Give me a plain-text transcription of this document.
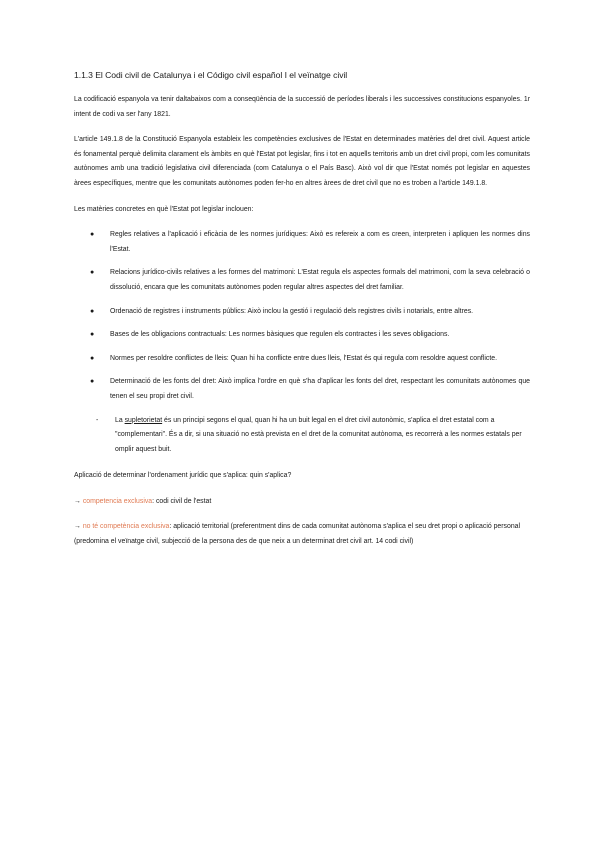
1.1.3 El Codi civil de Catalunya i el Código civil español I el veïnatge civil

La codificació espanyola va tenir daltabaixos com a conseqüència de la successió de períodes liberals i les successives constitucions espanyoles. 1r intent de codi va ser l'any 1821.

L'article 149.1.8 de la Constitució Espanyola estableix les competències exclusives de l'Estat en determinades matèries del dret civil. Aquest article és fonamental perquè delimita clarament els àmbits en què l'Estat pot legislar, fins i tot en aquells territoris amb un dret civil propi, com les comunitats autònomes amb una tradició legislativa civil diferenciada (com Catalunya o el País Basc). Això vol dir que l'Estat només pot legislar en aquestes àrees específiques, mentre que les comunitats autònomes poden fer-ho en altres àrees de dret civil que no es troben a l'article 149.1.8.

Les matèries concretes en què l'Estat pot legislar inclouen:

● Regles relatives a l'aplicació i eficàcia de les normes jurídiques: Això es refereix a com es creen, interpreten i apliquen les normes dins l'Estat.
● Relacions jurídico-civils relatives a les formes del matrimoni: L'Estat regula els aspectes formals del matrimoni, com la seva celebració o dissolució, encara que les comunitats autònomes poden regular altres aspectes del dret familiar.
● Ordenació de registres i instruments públics: Això inclou la gestió i regulació dels registres civils i notarials, entre altres.
● Bases de les obligacions contractuals: Les normes bàsiques que regulen els contractes i les seves obligacions.
● Normes per resoldre conflictes de lleis: Quan hi ha conflicte entre dues lleis, l'Estat és qui regula com resoldre aquest conflicte.
● Determinació de les fonts del dret: Això implica l'ordre en què s'ha d'aplicar les fonts del dret, respectant les comunitats autònomes que tenen el seu propi dret civil.
- La supletorietat és un principi segons el qual, quan hi ha un buit legal en el dret civil autonòmic, s'aplica el dret estatal com a "complementari". És a dir, si una situació no està prevista en el dret de la comunitat autònoma, es recorrerà a les normes estatals per omplir aquest buit.

Aplicació de determinar l'ordenament jurídic que s'aplica: quin s'aplica?

→ competencia exclusiva: codi civil de l'estat
→ no té competència exclusiva: aplicació territorial (preferentment dins de cada comunitat autònoma s'aplica el seu dret propi o aplicació personal (predomina el veïnatge civil, subjecció de la persona des de que neix a un determinat dret civil art. 14 codi civil)
